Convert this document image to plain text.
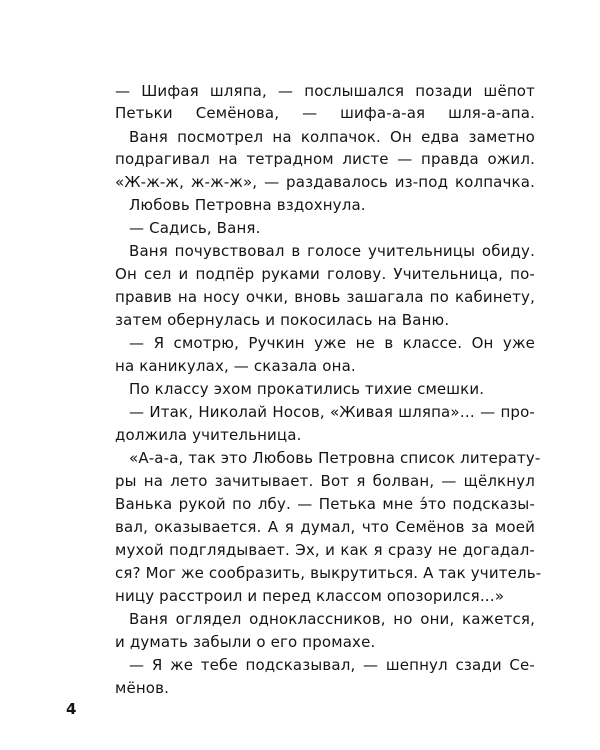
— Шифая шляпа, — послышался позади шёпот
Петьки Семёнова, — шифа-а-ая шля-а-апа.
Ваня посмотрел на колпачок. Он едва заметно
подрагивал на тетрадном листе — правда ожил.
«Ж-ж-ж, ж-ж-ж», — раздавалось из-под колпачка.
Любовь Петровна вздохнула.
— Садись, Ваня.
Ваня почувствовал в голосе учительницы обиду.
Он сел и подпёр руками голову. Учительница, по-
правив на носу очки, вновь зашагала по кабинету,
затем обернулась и покосилась на Ваню.
— Я смотрю, Ручкин уже не в классе. Он уже
на каникулах, — сказала она.
По классу эхом прокатились тихие смешки.
— Итак, Николай Носов, «Живая шляпа»… — про-
должила учительница.
«А-а-а, так это Любовь Петровна список литерату-
ры на лето зачитывает. Вот я болван, — щёлкнул
Ванька рукой по лбу. — Петька мне э́то подсказы-
вал, оказывается. А я думал, что Семёнов за моей
мухой подглядывает. Эх, и как я сразу не догадал-
ся? Мог же сообразить, выкрутиться. А так учитель-
ницу расстроил и перед классом опозорился…»
Ваня оглядел одноклассников, но они, кажется,
и думать забыли о его промахе.
— Я же тебе подсказывал, — шепнул сзади Се-
мёнов.
4
